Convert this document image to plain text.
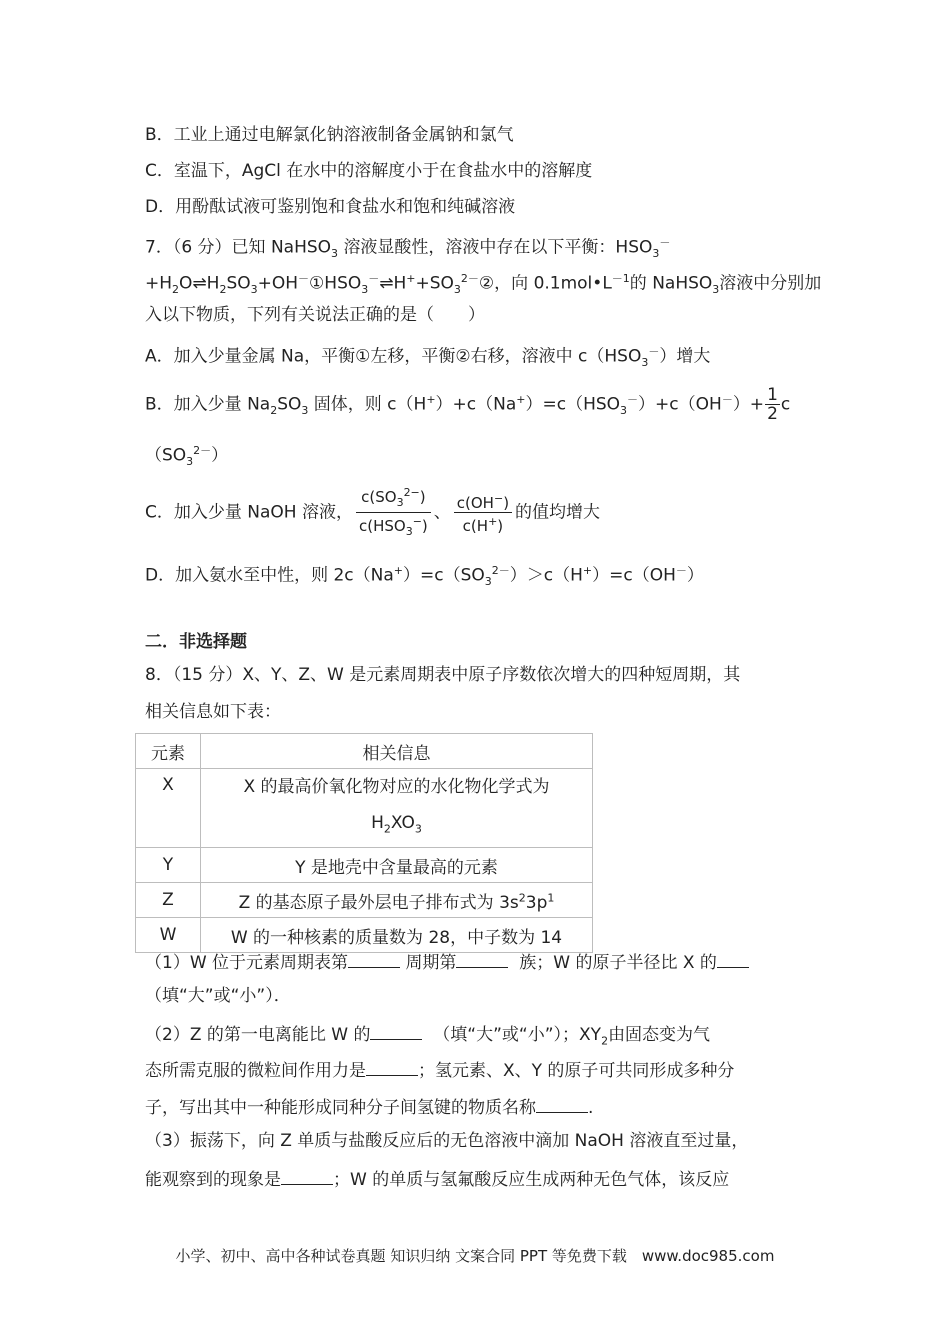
B．工业上通过电解氯化钠溶液制备金属钠和氯气
C．室温下，AgCl 在水中的溶解度小于在食盐水中的溶解度
D．用酚酞试液可鉴别饱和食盐水和饱和纯碱溶液
7．（6 分）已知 NaHSO$_3$ 溶液显酸性，溶液中存在以下平衡：$HSO_3^-$
$+H_2O\rightleftharpoons H_2SO_3+OH^-①HSO_3^-\rightleftharpoons H^++SO_3^{2-}②$，向 $0.1mol•L^{-1}$的 NaHSO$_3$溶液中分别加
入以下物质，下列有关说法正确的是（　　）
A．加入少量金属 Na，平衡①左移，平衡②右移，溶液中 $c(HSO_3^-)$增大
B．加入少量 $Na_2SO_3$ 固体，则 $c(H^+)+c(Na^+)=c(HSO_3^-)+c(OH^-)+ \frac{1}{2}$ c
$(SO_3^{2-})$
C．加入少量 NaOH 溶液， $\frac{c(SO_3^{2-})}{c(HSO_3^-)}$ 、 $\frac{c(OH^-)}{c(H^+)}$ 的值均增大
D．加入氨水至中性，则 $2c(Na^+)=c(SO_3^{2-})>c(H^+)=c(OH^-)$
二．非选择题
8．（15 分）X、Y、Z、W 是元素周期表中原子序数依次增大的四种短周期，其
相关信息如下表：
元素	相关信息
X	X 的最高价氧化物对应的水化物化学式为
$H_2XO_3$
Y	Y 是地壳中含量最高的元素
Z	Z 的基态原子最外层电子排布式为 $3s^23p^1$
W	W 的一种核素的质量数为 28，中子数为 14
（1）W 位于元素周期表第	周期第	族；W 的原子半径比 X 的
（填“大”或“小”）．
（2）Z 的第一电离能比 W 的	（填“大”或“小”）；$XY_2$由固态变为气
态所需克服的微粒间作用力是	；氢元素、X、Y 的原子可共同形成多种分
子，写出其中一种能形成同种分子间氢键的物质名称	.
（3）振荡下，向 Z 单质与盐酸反应后的无色溶液中滴加 NaOH 溶液直至过量，
能观察到的现象是	；W 的单质与氢氟酸反应生成两种无色气体，该反应
小学、初中、高中各种试卷真题 知识归纳 文案合同 PPT 等免费下载　www.doc985.com
